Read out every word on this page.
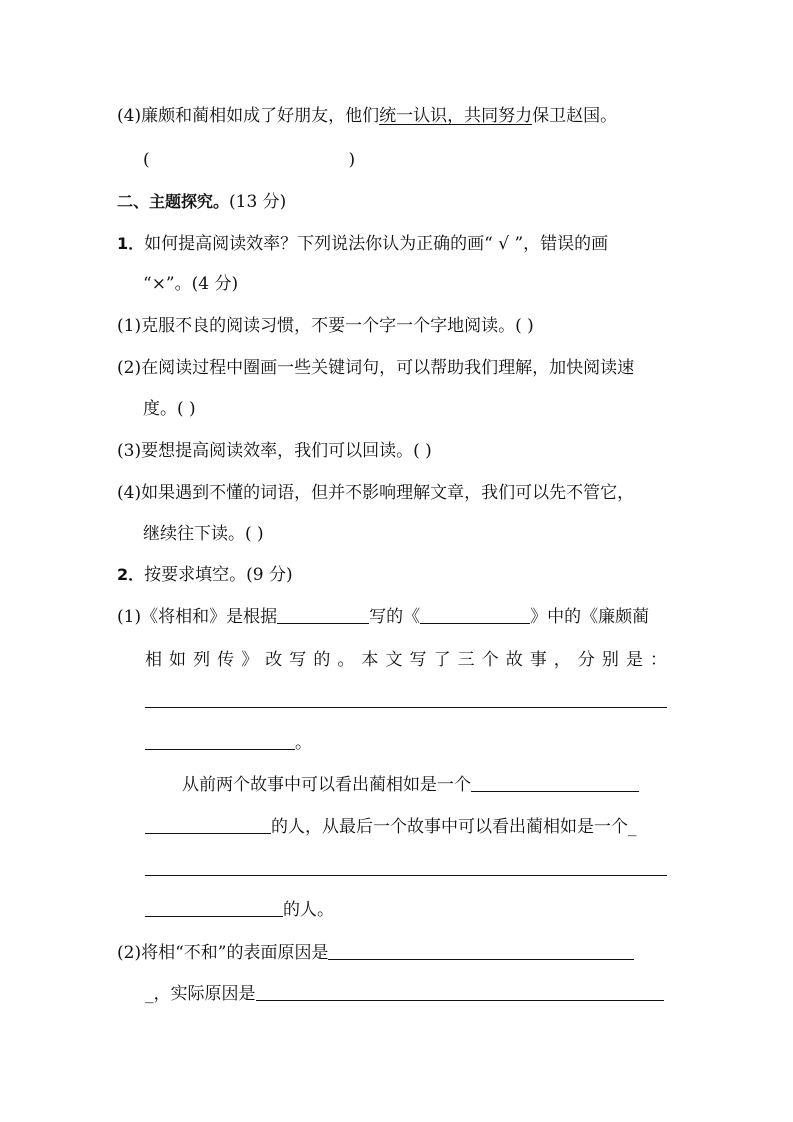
(4)廉颇和蔺相如成了好朋友，他们统一认识，共同努力保卫赵国。
(	)
二、主题探究。(13 分)
1．如何提高阅读效率？下列说法你认为正确的画“ √ ”，错误的画
“×”。(4 分)
(1)克服不良的阅读习惯，不要一个字一个字地阅读。( )
(2)在阅读过程中圈画一些关键词句，可以帮助我们理解，加快阅读速
度。( )
(3)要想提高阅读效率，我们可以回读。( )
(4)如果遇到不懂的词语，但并不影响理解文章，我们可以先不管它，
继续往下读。( )
2．按要求填空。(9 分)
(1)《将相和》是根据	写的《	》中的《廉颇蔺
相 如 列 传 》 改 写 的 。 本 文 写 了 三 个 故 事 ， 分 别 是 ：
。
从前两个故事中可以看出蔺相如是一个
的人，从最后一个故事中可以看出蔺相如是一个_
的人。
(2)将相“不和”的表面原因是
_，实际原因是
